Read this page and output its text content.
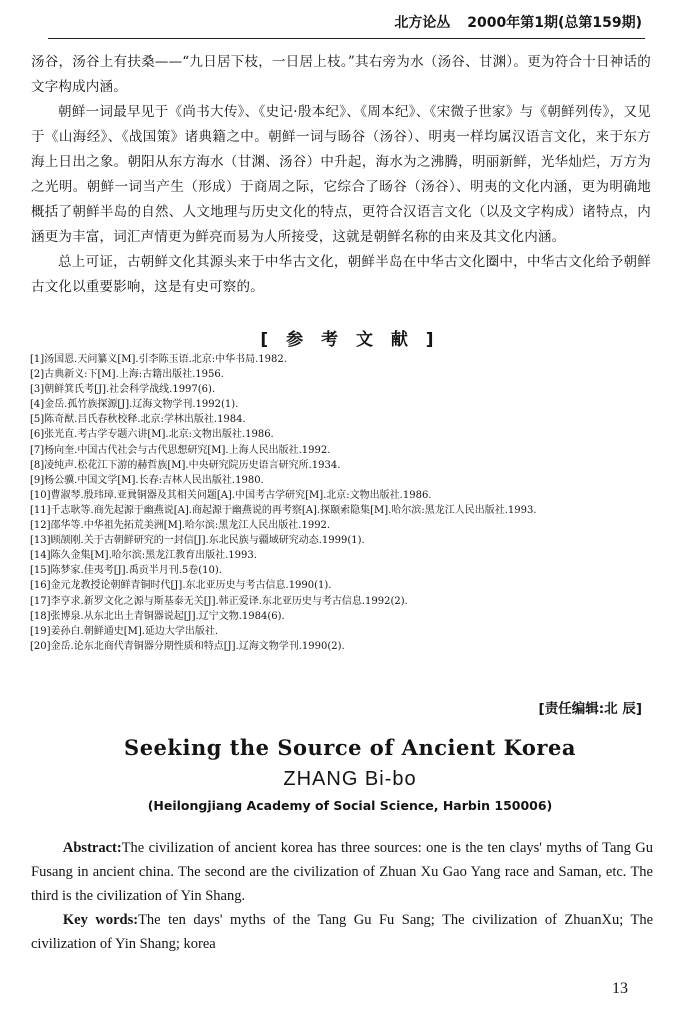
北方论丛 2000年第1期(总第159期)

汤谷，汤谷上有扶桑——“九日居下枝，一日居上枝。”其右旁为水（汤谷、甘渊）。更为符合十日神话的文字构成内涵。

朝鲜一词最早见于《尚书大传》、《史记·殷本纪》、《周本纪》、《宋微子世家》与《朝鲜列传》，又见于《山海经》、《战国策》诸典籍之中。朝鲜一词与旸谷（汤谷）、明夷一样均属汉语言文化，来于东方海上日出之象。朝阳从东方海水（甘渊、汤谷）中升起，海水为之沸腾，明丽新鲜，光华灿烂，万方为之光明。朝鲜一词当产生（形成）于商周之际，它综合了旸谷（汤谷）、明夷的文化内涵，更为明确地概括了朝鲜半岛的自然、人文地理与历史文化的特点，更符合汉语言文化（以及文字构成）诸特点，内涵更为丰富，词汇声情更为鲜亮而易为人所接受，这就是朝鲜名称的由来及其文化内涵。

总上可证，古朝鲜文化其源头来于中华古文化，朝鲜半岛在中华古文化圈中，中华古文化给予朝鲜古文化以重要影响，这是有史可察的。

[ 参 考 文 献 ]
[1]汤国恩.天问纂义[M].引李陈玉语.北京:中华书局.1982.
[2]古典新义:下[M].上海:古籍出版社.1956.
[3]朝鲜箕氏考[J].社会科学战线.1997(6).
[4]金岳.孤竹族探源[J].辽海文物学刊.1992(1).
[5]陈奇猷.吕氏春秋校释.北京:学林出版社.1984.
[6]张光直.考古学专题六讲[M].北京:文物出版社.1986.
[7]杨向奎.中国古代社会与古代思想研究[M].上海人民出版社.1992.
[8]凌纯声.松花江下游的赫哲族[M].中央研究院历史语言研究所.1934.
[9]杨公骥.中国文学[M].长春:吉林人民出版社.1980.
[10]曹淑琴.殷玮璋.亚㠱铜器及其相关问题[A].中国考古学研究[M].北京:文物出版社.1986.
[11]千志耿等.商先起源于幽燕说[A].商起源于幽燕说的再考察[A].探颐索隐集[M].哈尔滨:黑龙江人民出版社.1993.
[12]邵华等.中华祖先拓荒美洲[M].哈尔滨:黑龙江人民出版社.1992.
[13]顾颉刚.关于古朝鲜研究的一封信[J].东北民族与疆域研究动态.1999(1).
[14]陈久金集[M].哈尔滨:黑龙江教育出版社.1993.
[15]陈梦家.佳夷考[J].禹贡半月刊.5卷(10).
[16]金元龙教授论朝鲜青铜时代[J].东北亚历史与考古信息.1990(1).
[17]李亨求.新罗文化之源与斯基泰无关[J].韩正爱译.东北亚历史与考古信息.1992(2).
[18]张博泉.从东北出土青铜器说起[J].辽宁文物.1984(6).
[19]姜孙白.朝鲜通史[M].延边大学出版社.
[20]金岳.论东北商代青铜器分期性质和特点[J].辽海文物学刊.1990(2).
[责任编辑:北 辰]
Seeking the Source of Ancient Korea
ZHANG Bi-bo
(Heilongjiang Academy of Social Science, Harbin 150006)

Abstract:The civilization of ancient korea has three sources: one is the ten clays' myths of Tang Gu Fusang in ancient china. The second are the civilization of Zhuan Xu Gao Yang race and Saman, etc. The third is the civilization of Yin Shang.

Key words:The ten days' myths of the Tang Gu Fu Sang; The civilization of ZhuanXu; The civilization of Yin Shang; korea

13
